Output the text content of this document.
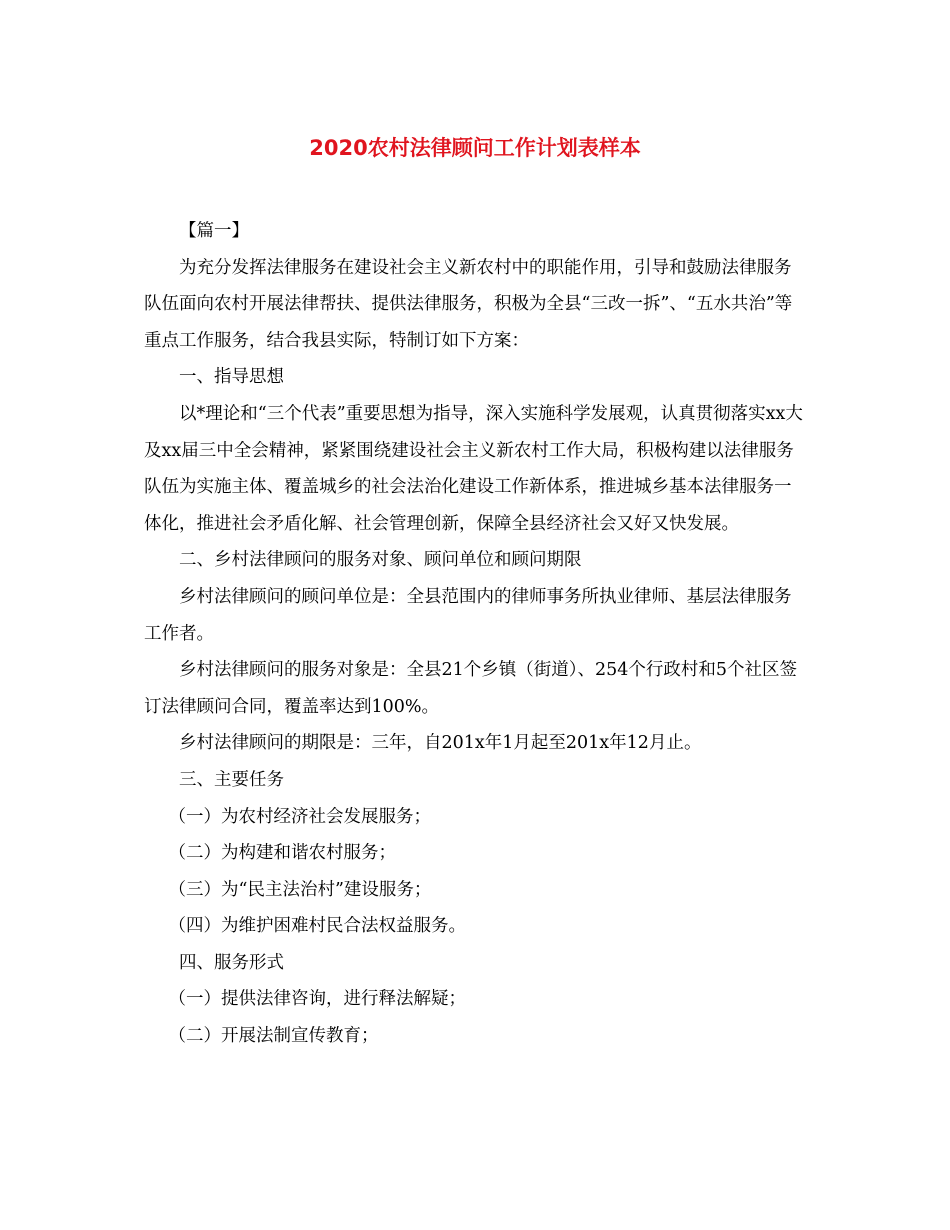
2020农村法律顾问工作计划表样本

【篇一】

为充分发挥法律服务在建设社会主义新农村中的职能作用，引导和鼓励法律服务队伍面向农村开展法律帮扶、提供法律服务，积极为全县“三改一拆”、“五水共治”等重点工作服务，结合我县实际，特制订如下方案：

一、指导思想

以*理论和“三个代表”重要思想为指导，深入实施科学发展观，认真贯彻落实xx大及xx届三中全会精神，紧紧围绕建设社会主义新农村工作大局，积极构建以法律服务队伍为实施主体、覆盖城乡的社会法治化建设工作新体系，推进城乡基本法律服务一体化，推进社会矛盾化解、社会管理创新，保障全县经济社会又好又快发展。

二、乡村法律顾问的服务对象、顾问单位和顾问期限

乡村法律顾问的顾问单位是：全县范围内的律师事务所执业律师、基层法律服务工作者。

乡村法律顾问的服务对象是：全县21个乡镇（街道）、254个行政村和5个社区签订法律顾问合同，覆盖率达到100%。

乡村法律顾问的期限是：三年，自201x年1月起至201x年12月止。

三、主要任务

（一）为农村经济社会发展服务；

（二）为构建和谐农村服务；

（三）为“民主法治村”建设服务；

（四）为维护困难村民合法权益服务。

四、服务形式

（一）提供法律咨询，进行释法解疑；

（二）开展法制宣传教育；
